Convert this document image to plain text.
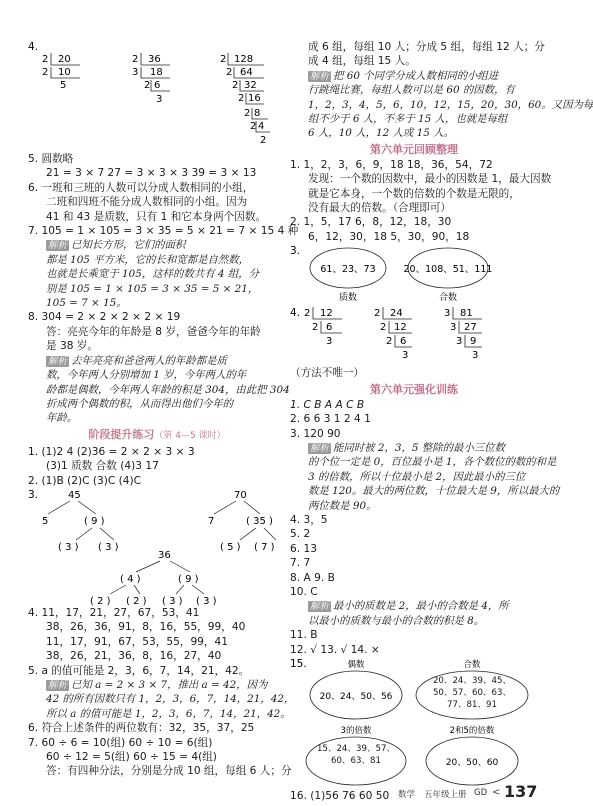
4.
2 20
2 10
5
2 36
3 18
2 6
3
2 128
2 64
2 32
2 16
2 8
2 4
2
5. 圆数略
21 = 3 × 7 27 = 3 × 3 × 3 39 = 3 × 13
6. 一班和三班的人数可以分成人数相同的小组，
二班和四班不能分成人数相同的小组。因为
41 和 43 是质数，只有 1 和它本身两个因数。
7. 105 = 1 × 105 = 3 × 35 = 5 × 21 = 7 × 15 4 种
解析 已知长方形，它们的面积
都是 105 平方米，它的长和宽都是自然数，
也就是长乘宽于 105，这样的数共有 4 组，分
别是 105 = 1 × 105 = 3 × 35 = 5 × 21，
105 = 7 × 15。
8. 304 = 2 × 2 × 2 × 2 × 19
答：亮亮今年的年龄是 8 岁，爸爸今年的年龄
是 38 岁。
解析 去年亮亮和爸爸两人的年龄都是质
数，今年两人分别增加 1 岁，今年两人的年
龄都是偶数，今年两人年龄的积是 304，由此把 304
折成两个偶数的积，从而得出他们今年的
年龄。
阶段提升练习（第 4—5 课时）
1. (1)2 4 (2)36 = 2 × 2 × 3 × 3
(3)1 质数 合数 (4)3 17
2. (1)B (2)C (3)C (4)C
3.	45
5	( 9 )
( 3 ) ( 3 )
70
7	( 35 )
( 5 ) ( 7 )
36
( 4 )	( 9 )
( 2 ) ( 2 ) ( 3 ) ( 3 )
4. 11，17，21，27，67，53，41
38，26，36，91，8，16，55，99，40
11，17，91，67，53，55，99，41
38，26，21，36，8，16，27，40
5. a 的值可能是 2，3，6，7，14，21，42。
解析 已知 a = 2 × 3 × 7，推出 a = 42，因为
42 的所有因数只有 1，2，3，6，7，14，21，42，
所以 a 的值可能是 1，2，3，6，7，14，21，42。
6. 符合上述条件的两位数有：32，35，37，25
7. 60 ÷ 6 = 10(组) 60 ÷ 10 = 6(组)
60 ÷ 12 = 5(组) 60 ÷ 15 = 4(组)
答：有四种分法，分别是分成 10 组，每组 6 人；分
成 6 组，每组 10 人；分成 5 组，每组 12 人；分
成 4 组，每组 15 人。
解析 把 60 个同学分成人数相同的小组进
行跳绳比赛，每组人数可以是 60 的因数，有
1，2，3，4，5，6，10，12，15，20，30，60。又因为每
组不少于 6 人，不多于 15 人，也就是每组
6 人，10 人，12 人或 15 人。
第六单元回顾整理
1. 1，2，3，6，9，18 18，36，54，72
发现：一个数的因数中，最小的因数是 1，最大因数
就是它本身，一个数的倍数的个数是无限的，
没有最大的倍数。（合理即可）
2. 1，5，17 6，8，12，18，30
6，12，30，18 5，30，90，18
3.
61、23、73
质数
20、108、51、111
合数
4. 2 12
2 6
3
2 24
2 12
2 6
3
3 81
3 27
3 9
3
（方法不唯一）
第六单元强化训练
1. C B A A C B
2. 6 6 3 1 2 4 1
3. 120 90
解析 能同时被 2，3，5 整除的最小三位数
的个位一定是 0，百位最小是 1，各个数位的数的和是
3 的倍数，所以十位最小是 2，因此最小的三位
数是 120。最大的两位数，十位最大是 9，所以最大的
两位数是 90。
4. 3，5
5. 2
6. 13
7. 7
8. A 9. B
10. C
解析 最小的质数是 2，最小的合数是 4，所
以最小的质数与最小的合数的积是 8。
11. B
12. √ 13. √ 14. ×
15.	偶数
20、24、50、56
合数
20、24、39、45、50、57、60、63、77、81、91
3的倍数
15、24、39、57、60、63、81
2和5的倍数
20、50、60
16. (1)56 76 60 50	数学 五年级上册 GD < 137
